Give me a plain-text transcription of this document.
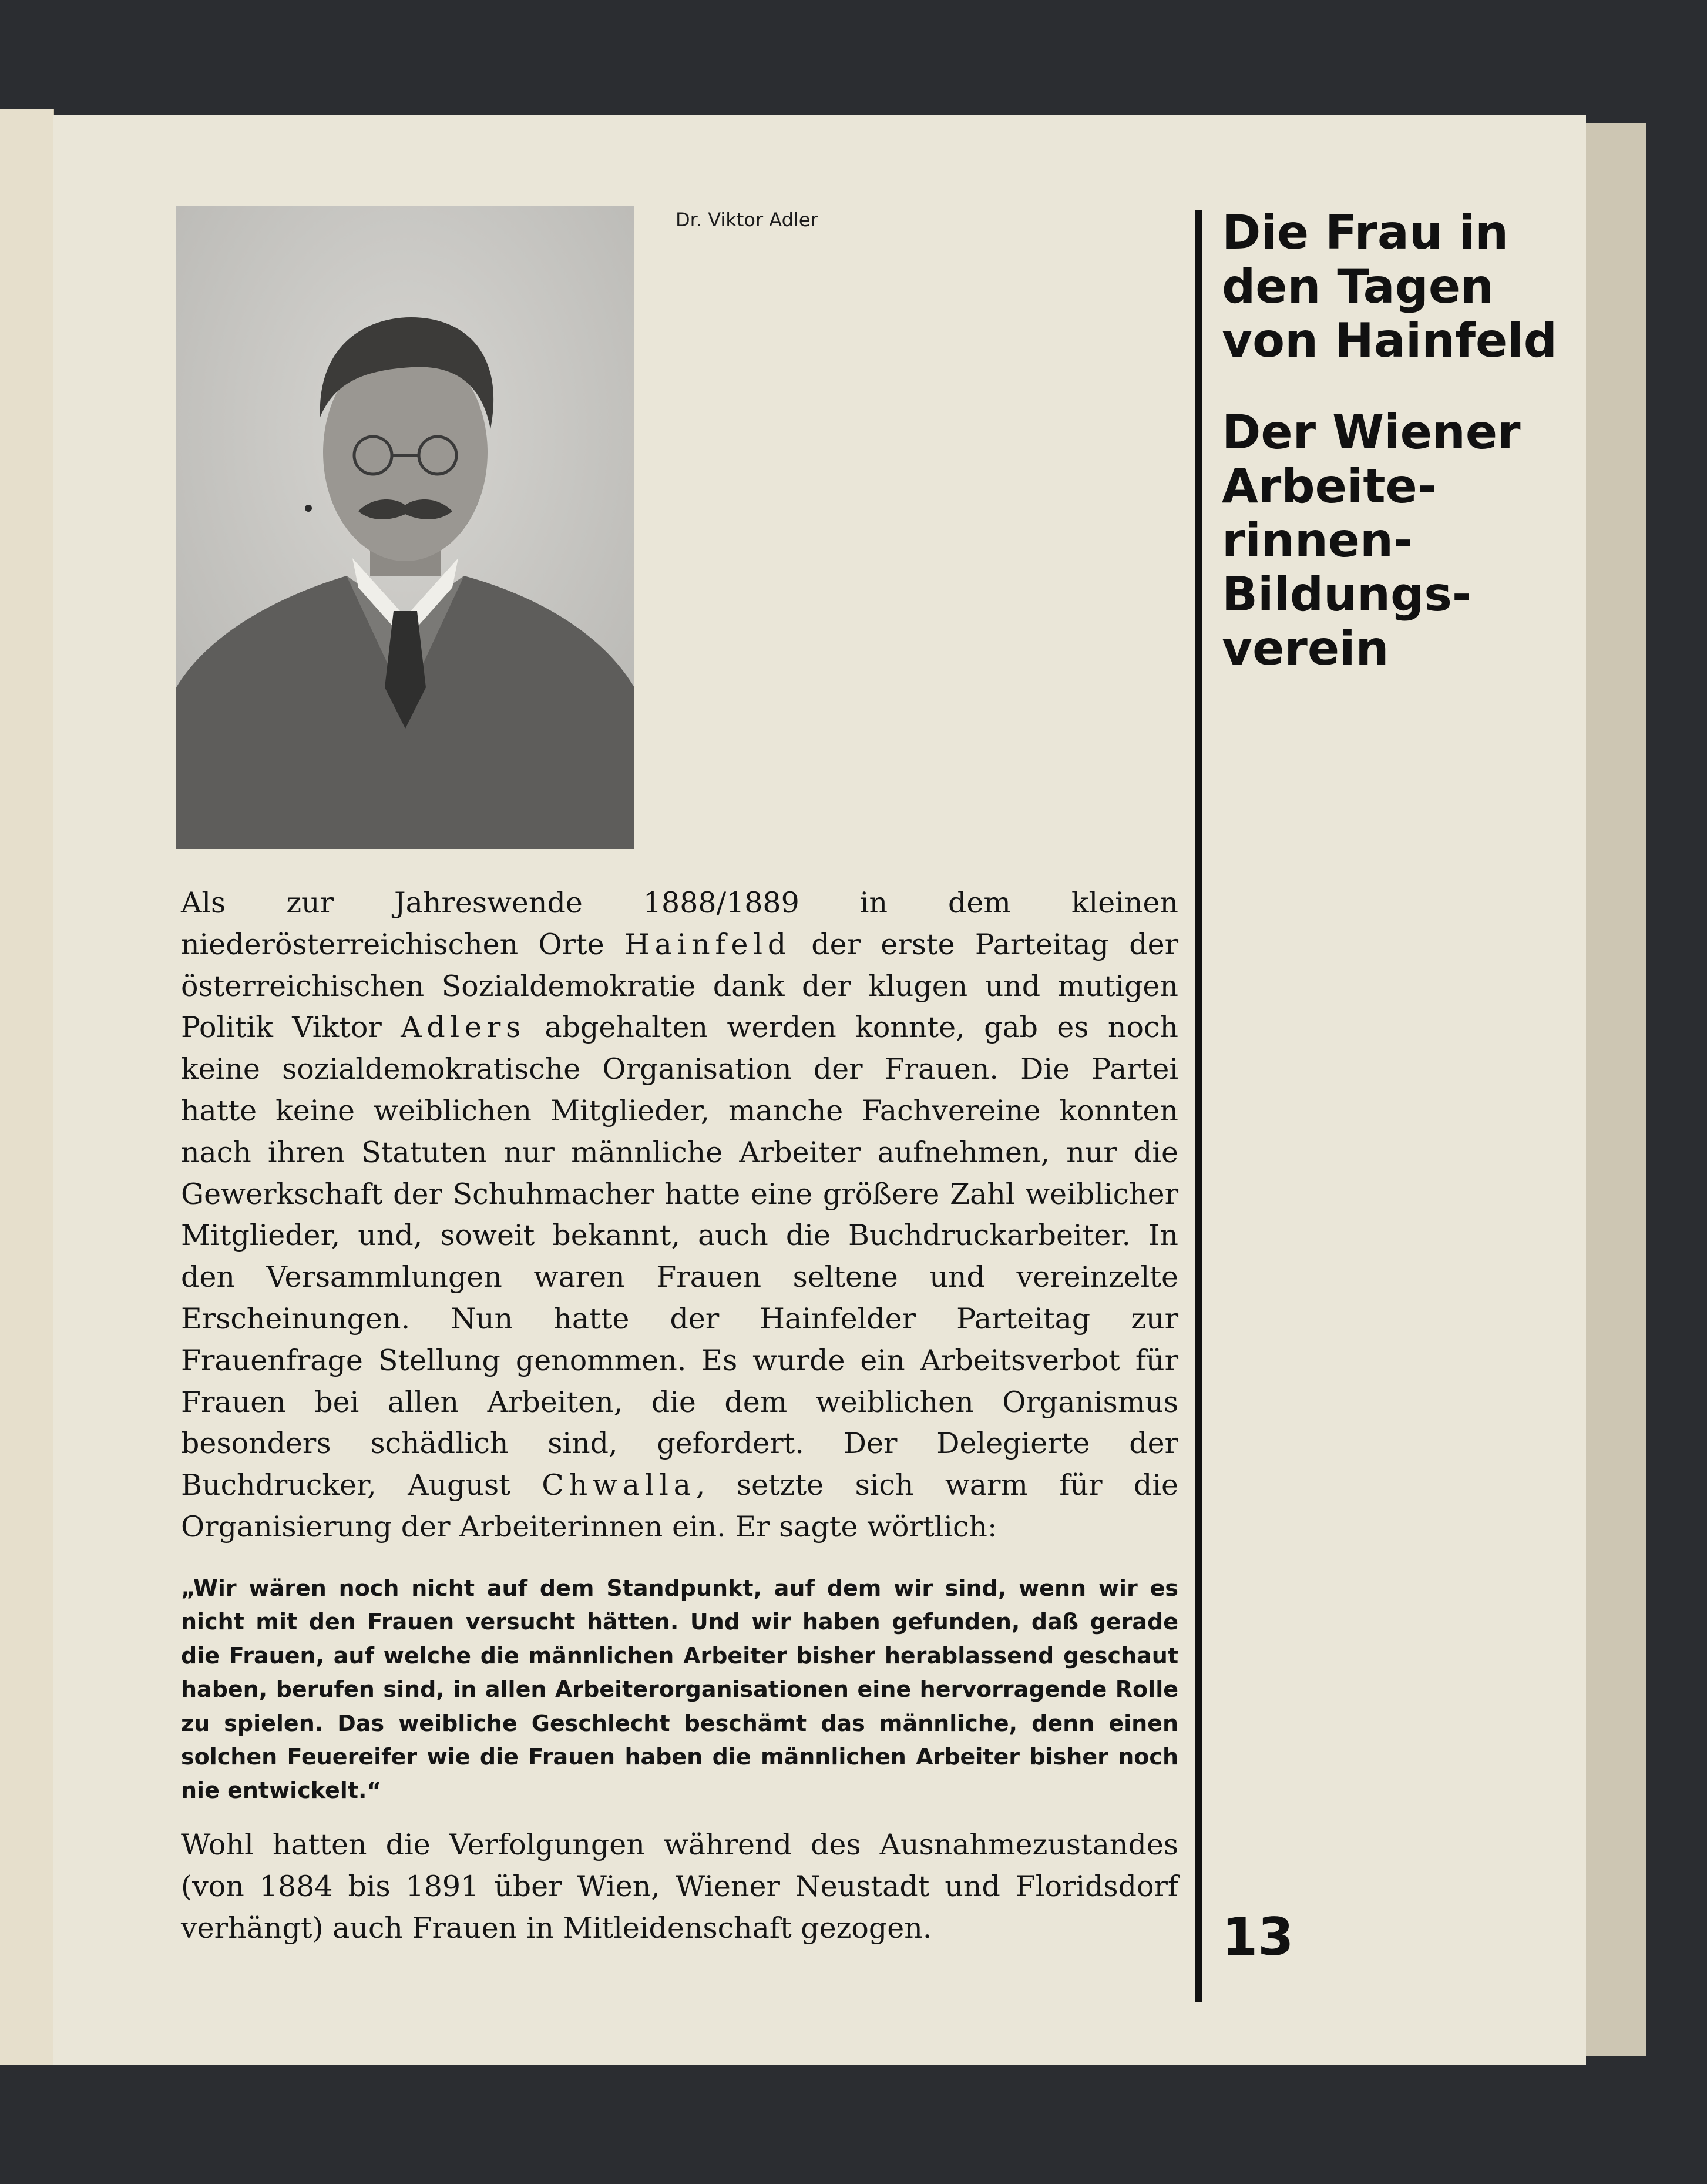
Dr. Viktor Adler	Die Frau in
den Tagen
von Hainfeld
Der Wiener
Arbeite-
rinnen-
Bildungs-
verein
13

Als zur Jahreswende 1888/1889 in dem kleinen niederösterreichischen Orte Hainfeld der erste Parteitag der österreichischen Sozialdemokratie dank der klugen und mutigen Politik Viktor Adlers abgehalten werden konnte, gab es noch keine sozialdemokratische Organisation der Frauen. Die Partei hatte keine weiblichen Mitglieder, manche Fachvereine konnten nach ihren Statuten nur männliche Arbeiter aufnehmen, nur die Gewerkschaft der Schuhmacher hatte eine größere Zahl weiblicher Mitglieder, und, soweit bekannt, auch die Buchdruckarbeiter. In den Versammlungen waren Frauen seltene und vereinzelte Erscheinungen. Nun hatte der Hainfelder Parteitag zur Frauenfrage Stellung genommen. Es wurde ein Arbeitsverbot für Frauen bei allen Arbeiten, die dem weiblichen Organismus besonders schädlich sind, gefordert. Der Delegierte der Buchdrucker, August Chwalla, setzte sich warm für die Organisierung der Arbeiterinnen ein. Er sagte wörtlich:

„Wir wären noch nicht auf dem Standpunkt, auf dem wir sind, wenn wir es nicht mit den Frauen versucht hätten. Und wir haben gefunden, daß gerade die Frauen, auf welche die männlichen Arbeiter bisher herablassend geschaut haben, berufen sind, in allen Arbeiterorganisationen eine hervorragende Rolle zu spielen. Das weibliche Geschlecht beschämt das männliche, denn einen solchen Feuereifer wie die Frauen haben die männlichen Arbeiter bisher noch nie entwickelt.“

Wohl hatten die Verfolgungen während des Ausnahmezustandes (von 1884 bis 1891 über Wien, Wiener Neustadt und Floridsdorf verhängt) auch Frauen in Mitleidenschaft gezogen.
